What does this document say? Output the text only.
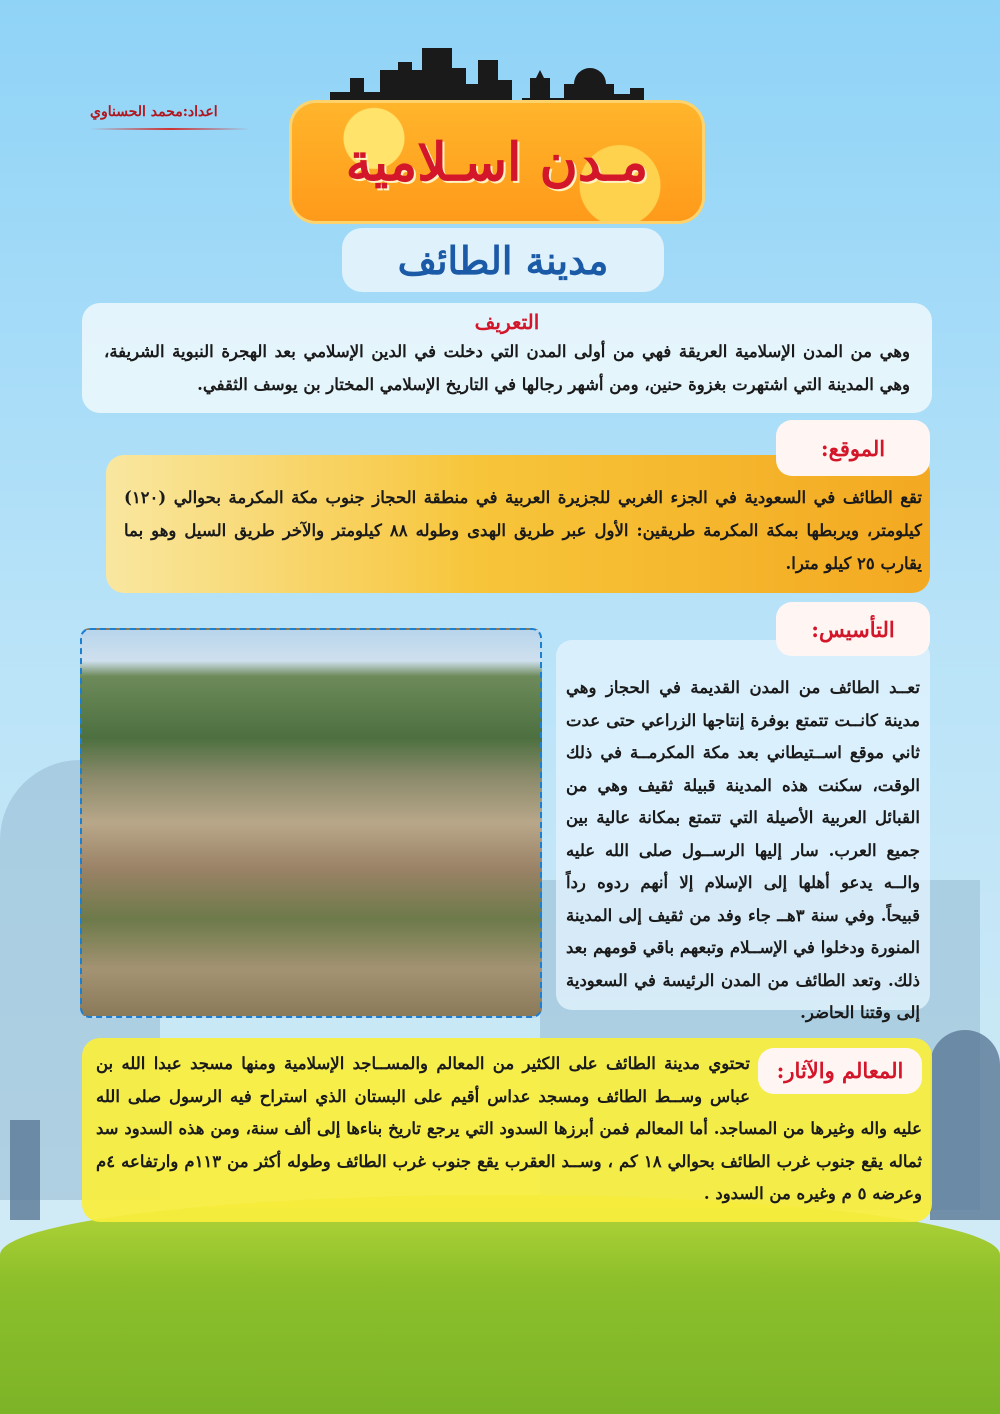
اعداد:محمد الحسناوي
مـدن اسـلامية
مدينة الطائف
التعريف

وهي من المدن الإسلامية العريقة فهي من أولى المدن التي دخلت في الدين الإسلامي بعد الهجرة النبوية الشريفة، وهي المدينة التي اشتهرت بغزوة حنين، ومن أشهر رجالها في التاريخ الإسلامي المختار بن يوسف الثقفي.

تقع الطائف في السعودية في الجزء الغربي للجزيرة العربية في منطقة الحجاز جنوب مكة المكرمة بحوالي (١٢٠) كيلومتر، ويربطها بمكة المكرمة طريقين: الأول عبر طريق الهدى وطوله ٨٨ كيلومتر والآخر طريق السيل وهو بما يقارب ٢٥ كيلو مترا.

الموقع:

تعــد الطائف من المدن القديمة في الحجاز وهي مدينة كانــت تتمتع بوفرة إنتاجها الزراعي حتى عدت ثاني موقع اســتيطاني بعد مكة المكرمــة في ذلك الوقت، سكنت هذه المدينة قبيلة ثقيف وهي من القبائل العربية الأصيلة التي تتمتع بمكانة عالية بين جميع العرب. سار إليها الرســول صلى الله عليه والــه يدعو أهلها إلى الإسلام إلا أنهم ردوه رداً قبيحاً. وفي سنة ٣هــ جاء وفد من ثقيف إلى المدينة المنورة ودخلوا في الإســلام وتبعهم باقي قومهم بعد ذلك. وتعد الطائف من المدن الرئيسة في السعودية إلى وقتنا الحاضر.

التأسيس:
المعالم والآثار:

تحتوي مدينة الطائف على الكثير من المعالم والمســاجد الإسلامية ومنها مسجد عبدا الله بن عباس وســط الطائف ومسجد عداس أقيم على البستان الذي استراح فيه الرسول صلى الله عليه واله وغيرها من المساجد. أما المعالم فمن أبرزها السدود التي يرجع تاريخ بناءها إلى ألف سنة، ومن هذه السدود سد ثماله يقع جنوب غرب الطائف بحوالي ١٨ كم ، وســد العقرب يقع جنوب غرب الطائف وطوله أكثر من ١١٣م وارتفاعه ٤م وعرضه ٥ م وغيره من السدود .
